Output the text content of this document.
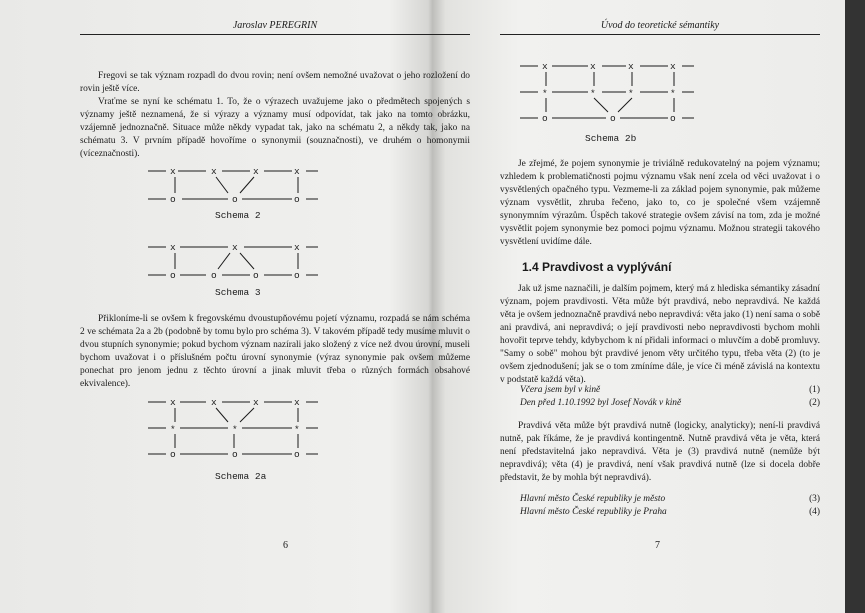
Jaroslav PEREGRIN

Fregovi se tak význam rozpadl do dvou rovin; není ovšem nemožné uvažovat o jeho rozložení do rovin ještě více.

Vraťme se nyní ke schématu 1. To, že o výrazech uvažujeme jako o předmětech spojených s významy ještě neznamená, že si výrazy a významy musí odpovídat, tak jako na tomto obrázku, vzájemně jednoznačně. Situace může někdy vypadat tak, jako na schématu 2, a někdy tak, jako na schématu 3. V prvním případě hovoříme o synonymii (souznačnosti), ve druhém o homonymii (víceznačnosti).

x	x	x	x
o	o	o
Schema 2
x	x	x
o	o	o	o
Schema 3

Přikloníme-li se ovšem k fregovskému dvoustupňovému pojetí významu, rozpadá se nám schéma 2 ve schémata 2a a 2b (podobně by tomu bylo pro schéma 3). V takovém případě tedy musíme mluvit o dvou stupních synonymie; pokud bychom význam nazírali jako složený z více než dvou úrovní, museli bychom uvažovat i o příslušném počtu úrovní synonymie (výraz synonymie pak ovšem můžeme ponechat pro jenom jednu z těchto úrovní a jinak mluvit třeba o různých formách obsahové ekvivalence).

x	x	x	x
*	*	*
o	o	o
Schema 2a
6
Úvod do teoretické sémantiky
x	x	x	x
*	*	*	*
o	o	o
Schema 2b

Je zřejmé, že pojem synonymie je triviálně redukovatelný na pojem významu; vzhledem k problematičnosti pojmu významu však není zcela od věci uvažovat i o vysvětlených opačného typu. Vezmeme-li za základ pojem synonymie, pak můžeme význam vysvětlit, zhruba řečeno, jako to, co je společné všem vzájemně synonymním výrazům. Úspěch takové strategie ovšem závisí na tom, zda je možné vysvětlit pojem synonymie bez pomoci pojmu významu. Možnou strategii takového vysvětlení uvidíme dále.

1.4 Pravdivost a vyplývání

Jak už jsme naznačili, je dalším pojmem, který má z hlediska sémantiky zásadní význam, pojem pravdivosti. Věta může být pravdivá, nebo nepravdivá. Ne každá věta je ovšem jednoznačně pravdivá nebo nepravdivá: věta jako (1) není sama o sobě ani pravdivá, ani nepravdivá; o její pravdivosti nebo nepravdivosti bychom mohli hovořit teprve tehdy, kdybychom k ní přidali informaci o mluvčím a době promluvy. "Samy o sobě" mohou být pravdivé jenom věty určitého typu, třeba věta (2) (to je ovšem zjednodušení; jak se o tom zmíníme dále, je více či méně závislá na kontextu v podstatě každá věta).

Včera jsem byl v kině	(1)
Den před 1.10.1992 byl Josef Novák v kině	(2)

Pravdivá věta může být pravdivá nutně (logicky, analyticky); není-li pravdivá nutně, pak říkáme, že je pravdivá kontingentně. Nutně pravdivá věta je věta, která není představitelná jako nepravdivá. Věta je (3) pravdivá nutně (nemůže být nepravdivá); věta (4) je pravdivá, není však pravdivá nutně (lze si docela dobře představit, že by mohla být nepravdivá).

Hlavní město České republiky je město	(3)
Hlavní město České republiky je Praha	(4)
7
